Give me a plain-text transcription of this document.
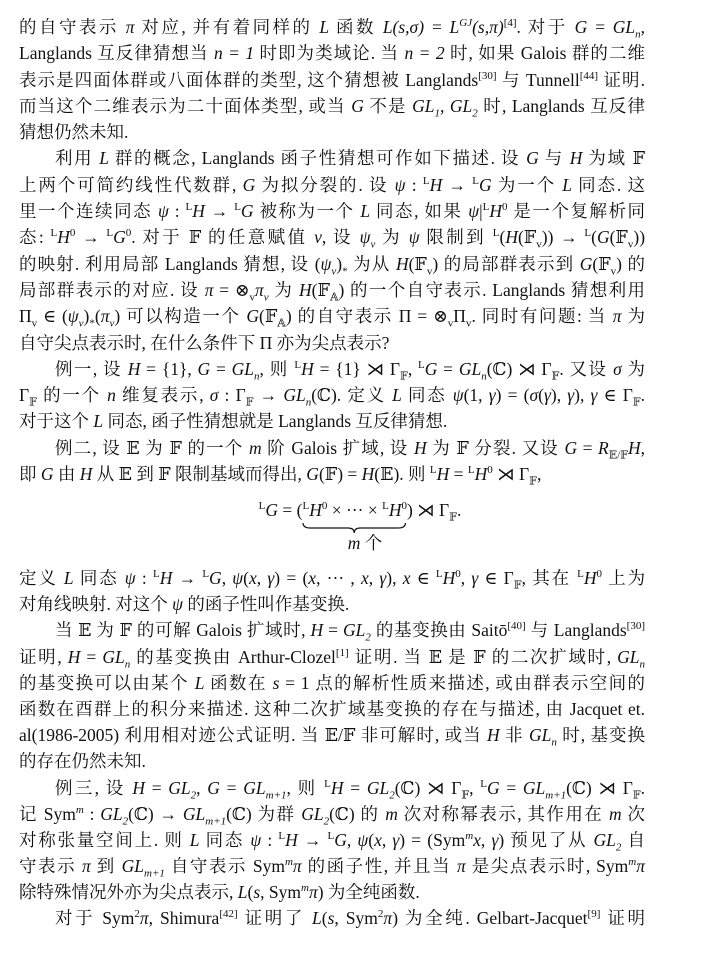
的自守表示 π 对应, 并有着同样的 L 函数 $L(s,\sigma) = L^{GJ}(s,\pi)[4]$. 对于 $G = GL_n$,
Langlands 互反律猜想当 n = 1 时即为类域论. 当 n = 2 时, 如果 Galois 群的二维
表示是四面体群或八面体群的类型, 这个猜想被 Langlands[30] 与 Tunnell[44] 证明.
而当这个二维表示为二十面体类型, 或当 G 不是 $GL_1$, $GL_2$ 时, Langlands 互反律
猜想仍然未知.
利用 L 群的概念, Langlands 函子性猜想可作如下描述. 设 G 与 H 为域 𝔽
上两个可简约线性代数群, G 为拟分裂的. 设 ψ : $^L$H → $^L$G 为一个 L 同态. 这
里一个连续同态 ψ : $^L$H → $^L$G 被称为一个 L 同态, 如果 $\psi|^LH^0$ 是一个复解析同
态: $^LH^0 \to ^LG^0$. 对于 𝔽 的任意赋值 v, 设 $\psi_v$ 为 ψ 限制到 $^L$(H(𝔽$_v$)) → $^L$(G(𝔽$_v$))
的映射. 利用局部 Langlands 猜想, 设 $(\psi_v)_*$ 为从 H(𝔽$_v$) 的局部群表示到 G(𝔽$_v$) 的
局部群表示的对应. 设 $\pi = \otimes_v\pi_v$ 为 H(𝔽$_𝔸$) 的一个自守表示. Langlands 猜想利用
$\Pi_v$ ∈ $(\psi_v)_*(\pi_v)$ 可以构造一个 G(𝔽$_𝔸$) 的自守表示 $\Pi = \otimes_v\Pi_v$. 同时有问题: 当 π 为
自守尖点表示时, 在什么条件下 Π 亦为尖点表示?
例一, 设 H = {1}, $G = GL_n$, 则 $^L$H = {1} ⋊ $\Gamma_𝔽$, $^LG = GL_n(ℂ)$ ⋊ $\Gamma_𝔽$. 又设 σ 为
$\Gamma_𝔽$ 的一个 n 维复表示, σ : $\Gamma_𝔽$ → $GL_n(ℂ)$. 定义 L 同态 ψ(1, γ) = (σ(γ), γ), γ ∈ $\Gamma_𝔽$.
对于这个 L 同态, 函子性猜想就是 Langlands 互反律猜想.
例二, 设 𝔼 为 𝔽 的一个 m 阶 Galois 扩域, 设 H 为 𝔽 分裂. 又设 $G = R_{𝔼/𝔽}H$,
即 G 由 H 从 𝔼 到 𝔽 限制基域而得出, G(𝔽) = H(𝔼). 则 $^LH = ^LH^0$ ⋊ $\Gamma_𝔽$,
$^LG = (^LH^0$ × ··· × $^LH^0$
) ⋊ $\Gamma_𝔽$.
m 个
定义 L 同态 ψ : $^L$H → $^L$G, ψ(x, γ) = (x, ··· , x, γ), x ∈ $^LH^0$, γ ∈ $\Gamma_𝔽$, 其在 $^LH^0$ 上为
对角线映射. 对这个 ψ 的函子性叫作基变换.
当 𝔼 为 𝔽 的可解 Galois 扩域时, $H = GL_2$ 的基变换由 Saitō[40] 与 Langlands[30]
证明, $H = GL_n$ 的基变换由 Arthur-Clozel[1] 证明. 当 𝔼 是 𝔽 的二次扩域时, $GL_n$
的基变换可以由某个 L 函数在 s = 1 点的解析性质来描述, 或由群表示空间的
函数在酉群上的积分来描述. 这种二次扩域基变换的存在与描述, 由 Jacquet et.
al(1986-2005) 利用相对迹公式证明. 当 𝔼/𝔽 非可解时, 或当 H 非 $GL_n$ 时, 基变换
的存在仍然未知.
例三, 设 $H = GL_2$, $G = GL_{m+1}$, 则 $^LH = GL_2(ℂ)$ ⋊ $\Gamma_𝔽$, $^LG = GL_{m+1}(ℂ)$ ⋊ $\Gamma_𝔽$.
记 Sym$^m$ : $GL_2(ℂ)$ → $GL_{m+1}(ℂ)$ 为群 $GL_2(ℂ)$ 的 m 次对称幂表示, 其作用在 m 次
对称张量空间上. 则 L 同态 ψ : $^L$H → $^L$G, ψ(x, γ) = (Sym$^m$x, γ) 预见了从 $GL_2$ 自
守表示 π 到 $GL_{m+1}$ 自守表示 Sym$^m$π 的函子性, 并且当 π 是尖点表示时, Sym$^m$π
除特殊情况外亦为尖点表示, L(s, Sym$^m$π) 为全纯函数.
对于 Sym$^2$π, Shimura[42] 证明了 L(s, Sym$^2$π) 为全纯. Gelbart-Jacquet[9] 证明
